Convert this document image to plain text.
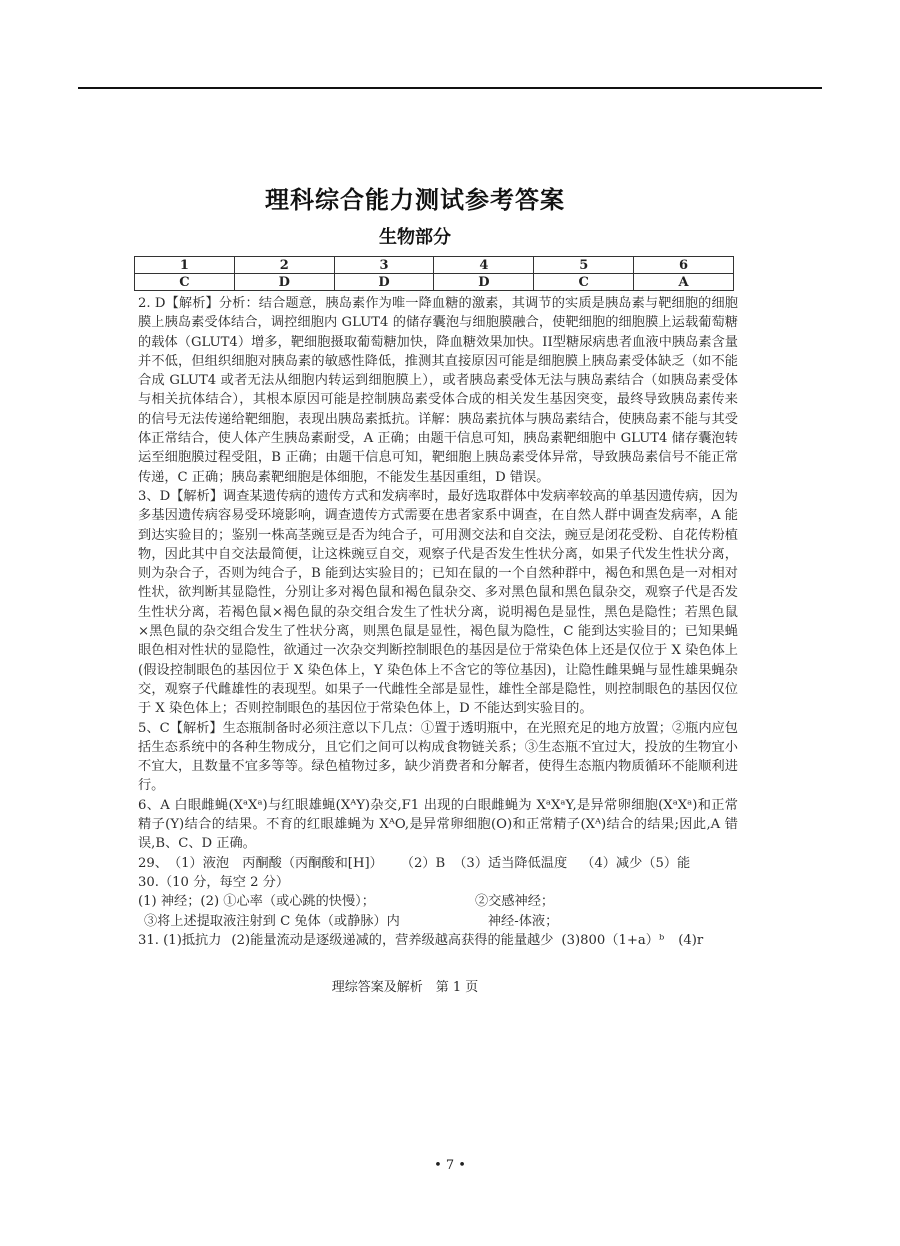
理科综合能力测试参考答案
生物部分
1	2	3	4	5	6
C	D	D	D	C	A

2. D【解析】分析：结合题意，胰岛素作为唯一降血糖的激素，其调节的实质是胰岛素与靶细胞的细胞膜上胰岛素受体结合，调控细胞内 GLUT4 的储存囊泡与细胞膜融合，使靶细胞的细胞膜上运载葡萄糖的载体（GLUT4）增多，靶细胞摄取葡萄糖加快，降血糖效果加快。II型糖尿病患者血液中胰岛素含量并不低，但组织细胞对胰岛素的敏感性降低，推测其直接原因可能是细胞膜上胰岛素受体缺乏（如不能合成 GLUT4 或者无法从细胞内转运到细胞膜上），或者胰岛素受体无法与胰岛素结合（如胰岛素受体与相关抗体结合），其根本原因可能是控制胰岛素受体合成的相关发生基因突变，最终导致胰岛素传来的信号无法传递给靶细胞，表现出胰岛素抵抗。详解：胰岛素抗体与胰岛素结合，使胰岛素不能与其受体正常结合，使人体产生胰岛素耐受，A 正确；由题干信息可知，胰岛素靶细胞中 GLUT4 储存囊泡转运至细胞膜过程受阻，B 正确；由题干信息可知，靶细胞上胰岛素受体异常，导致胰岛素信号不能正常传递，C 正确；胰岛素靶细胞是体细胞，不能发生基因重组，D 错误。

3、D【解析】调查某遗传病的遗传方式和发病率时，最好选取群体中发病率较高的单基因遗传病，因为多基因遗传病容易受环境影响，调查遗传方式需要在患者家系中调查，在自然人群中调查发病率，A 能到达实验目的；鉴别一株高茎豌豆是否为纯合子，可用测交法和自交法，豌豆是闭花受粉、自花传粉植物，因此其中自交法最简便，让这株豌豆自交，观察子代是否发生性状分离，如果子代发生性状分离，则为杂合子，否则为纯合子，B 能到达实验目的；已知在鼠的一个自然种群中，褐色和黑色是一对相对性状，欲判断其显隐性，分别让多对褐色鼠和褐色鼠杂交、多对黑色鼠和黑色鼠杂交，观察子代是否发生性状分离，若褐色鼠×褐色鼠的杂交组合发生了性状分离，说明褐色是显性，黑色是隐性；若黑色鼠×黑色鼠的杂交组合发生了性状分离，则黑色鼠是显性，褐色鼠为隐性，C 能到达实验目的；已知果蝇眼色相对性状的显隐性，欲通过一次杂交判断控制眼色的基因是位于常染色体上还是仅位于 X 染色体上(假设控制眼色的基因位于 X 染色体上，Y 染色体上不含它的等位基因)，让隐性雌果蝇与显性雄果蝇杂交，观察子代雌雄性的表现型。如果子一代雌性全部是显性，雄性全部是隐性，则控制眼色的基因仅位于 X 染色体上；否则控制眼色的基因位于常染色体上，D 不能达到实验目的。

5、C【解析】生态瓶制备时必须注意以下几点：①置于透明瓶中，在光照充足的地方放置；②瓶内应包括生态系统中的各种生物成分，且它们之间可以构成食物链关系；③生态瓶不宜过大，投放的生物宜小不宜大，且数量不宜多等等。绿色植物过多，缺少消费者和分解者，使得生态瓶内物质循环不能顺利进行。

6、A 白眼雌蝇(XᵃXᵃ)与红眼雄蝇(XᴬY)杂交,F1 出现的白眼雌蝇为 XᵃXᵃY,是异常卵细胞(XᵃXᵃ)和正常精子(Y)结合的结果。不育的红眼雄蝇为 XᴬO,是异常卵细胞(O)和正常精子(Xᴬ)结合的结果;因此,A 错误,B、C、D 正确。

29、 （1）液泡　丙酮酸（丙酮酸和[H]） （2）B （3）适当降低温度 （4）减少（5）能
30.（10 分，每空 2 分）
(1) 神经；(2) ①心率（或心跳的快慢）；	②交感神经；
③将上述提取液注射到 C 兔体（或静脉）内	神经-体液；
31. (1)抵抗力 (2)能量流动是逐级递减的，营养级越高获得的能量越少 (3)800（1+a）ᵇ (4)r
理综答案及解析　第 1 页
• 7 •
